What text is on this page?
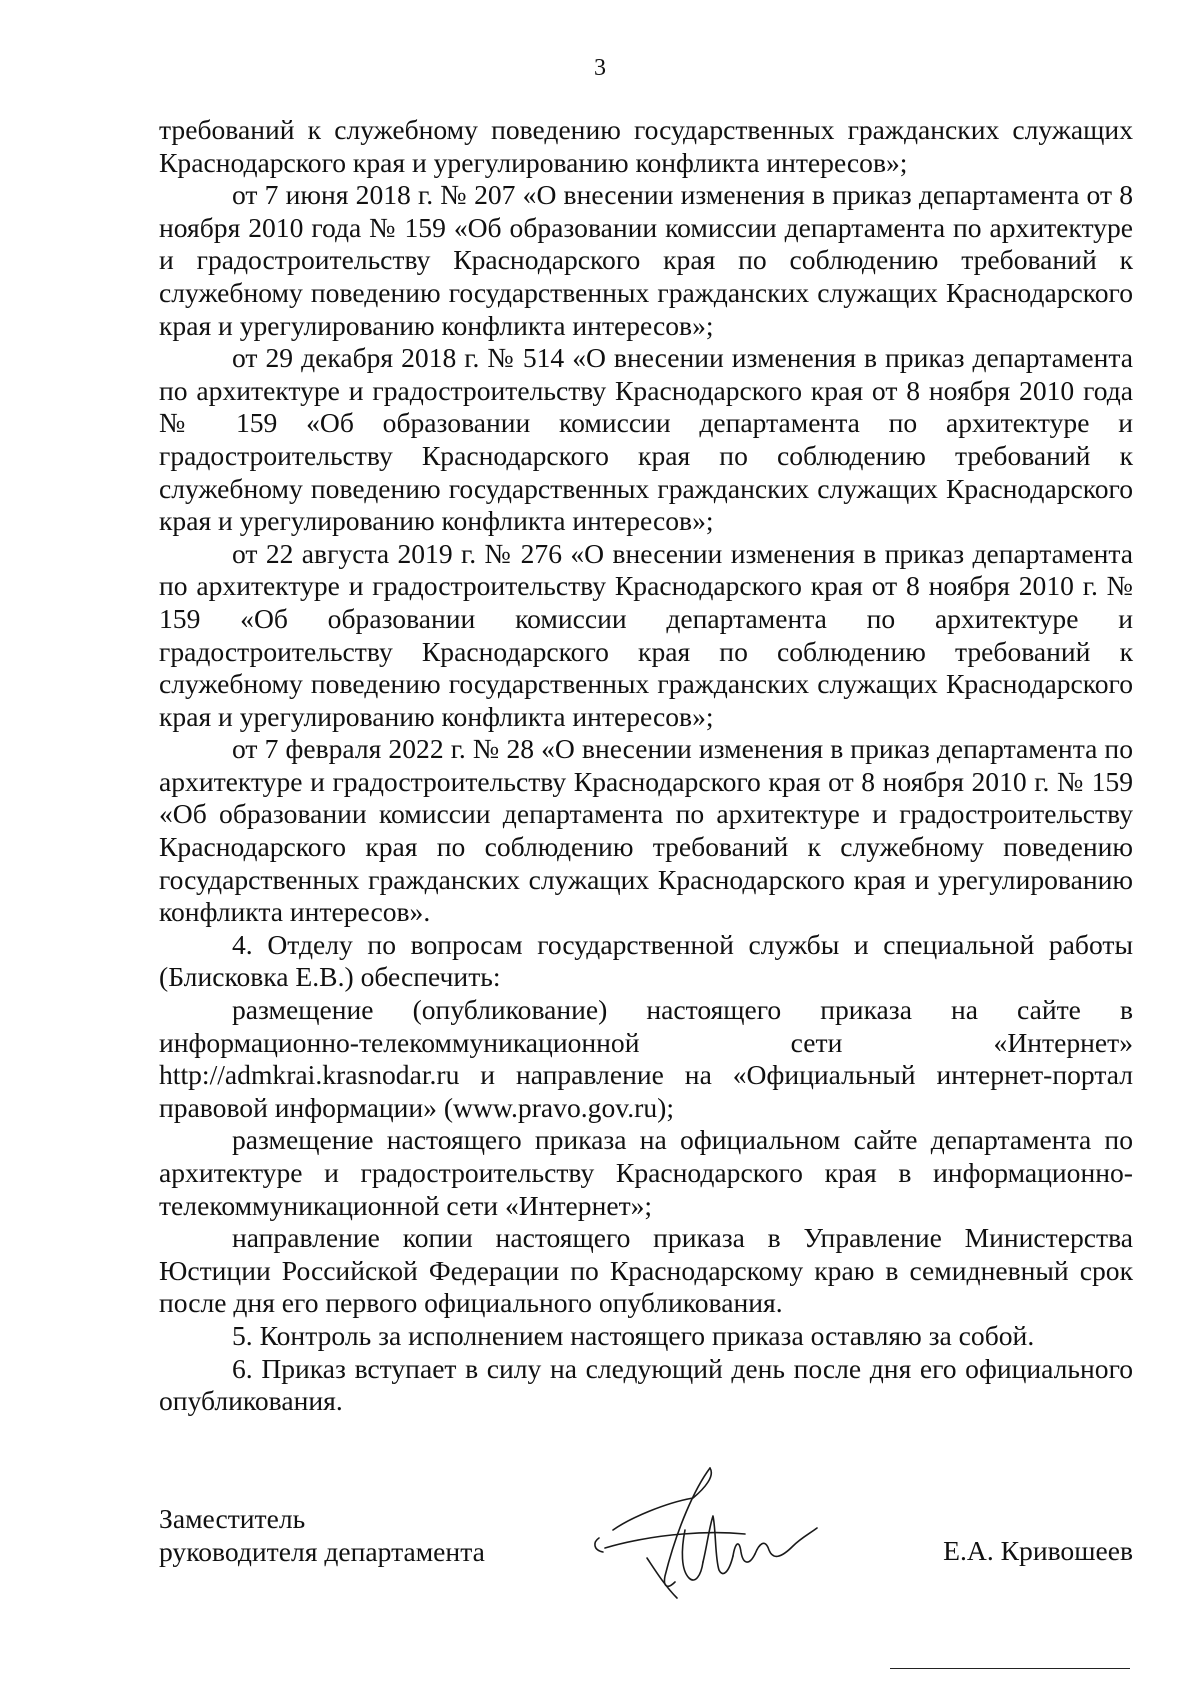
3

требований к служебному поведению государственных гражданских служащих Краснодарского края и урегулированию конфликта интересов»;

от 7 июня 2018 г. № 207 «О внесении изменения в приказ департамента от 8 ноября 2010 года № 159 «Об образовании комиссии департамента по архитектуре и градостроительству Краснодарского края по соблюдению требований к служебному поведению государственных гражданских служащих Краснодарского края и урегулированию конфликта интересов»;

от 29 декабря 2018 г. № 514 «О внесении изменения в приказ департамента по архитектуре и градостроительству Краснодарского края от 8 ноября 2010 года № 159 «Об образовании комиссии департамента по архитектуре и градостроительству Краснодарского края по соблюдению требований к служебному поведению государственных гражданских служащих Краснодарского края и урегулированию конфликта интересов»;

от 22 августа 2019 г. № 276 «О внесении изменения в приказ департамента по архитектуре и градостроительству Краснодарского края от 8 ноября 2010 г. № 159 «Об образовании комиссии департамента по архитектуре и градостроительству Краснодарского края по соблюдению требований к служебному поведению государственных гражданских служащих Краснодарского края и урегулированию конфликта интересов»;

от 7 февраля 2022 г. № 28 «О внесении изменения в приказ департамента по архитектуре и градостроительству Краснодарского края от 8 ноября 2010 г. № 159 «Об образовании комиссии департамента по архитектуре и градостроительству Краснодарского края по соблюдению требований к служебному поведению государственных гражданских служащих Краснодарского края и урегулированию конфликта интересов».

4. Отделу по вопросам государственной службы и специальной работы (Блисковка Е.В.) обеспечить:

размещение (опубликование) настоящего приказа на сайте в информационно-телекоммуникационной сети «Интернет» http://admkrai.krasnodar.ru и направление на «Официальный интернет-портал правовой информации» (www.pravo.gov.ru);

размещение настоящего приказа на официальном сайте департамента по архитектуре и градостроительству Краснодарского края в информационно-телекоммуникационной сети «Интернет»;

направление копии настоящего приказа в Управление Министерства Юстиции Российской Федерации по Краснодарскому краю в семидневный срок после дня его первого официального опубликования.

5. Контроль за исполнением настоящего приказа оставляю за собой.

6. Приказ вступает в силу на следующий день после дня его официального опубликования.

Заместитель
руководителя департамента	Е.А. Кривошеев
